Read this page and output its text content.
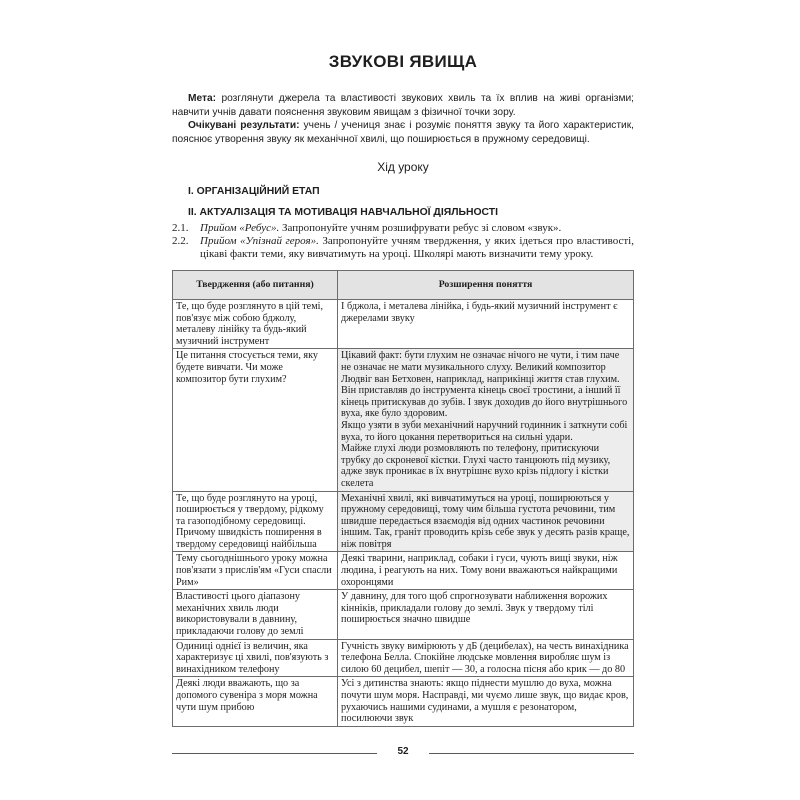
ЗВУКОВІ ЯВИЩА

Мета: розглянути джерела та властивості звукових хвиль та їх вплив на живі організми; навчити учнів давати пояснення звуковим явищам з фізичної точки зору.

Очікувані результати: учень / учениця знає і розуміє поняття звуку та його характеристик, пояснює утворення звуку як механічної хвилі, що поширюється в пружному середовищі.

Хід уроку
I. ОРГАНІЗАЦІЙНИЙ ЕТАП
II. АКТУАЛІЗАЦІЯ ТА МОТИВАЦІЯ НАВЧАЛЬНОЇ ДІЯЛЬНОСТІ
2.1.	Прийом «Ребус». Запропонуйте учням розшифрувати ребус зі словом «звук».
2.2.	Прийом «Упізнай героя». Запропонуйте учням твердження, у яких ідеться про властивості, цікаві факти теми, яку вивчатимуть на уроці. Школярі мають визначити тему уроку.
Твердження (або питання)	Розширення поняття
Те, що буде розглянуто в цій темі, пов'язує між собою бджолу, металеву лінійку та будь-який музичний інструмент	І бджола, і металева лінійка, і будь-який музичний інструмент є джерелами звуку
Це питання стосується теми, яку будете вивчати. Чи може композитор бути глухим?	Цікавий факт: бути глухим не означає нічого не чути, і тим паче не означає не мати музикального слуху. Великий композитор Людвіг ван Бетховен, наприклад, наприкінці життя став глухим. Він приставляв до інструмента кінець своєї тростини, а інший її кінець притискував до зубів. І звук доходив до його внутрішнього вуха, яке було здоровим.
Якщо узяти в зуби механічний наручний годинник і заткнути собі вуха, то його цокання перетвориться на сильні удари.
Майже глухі люди розмовляють по телефону, притискуючи трубку до скроневої кістки. Глухі часто танцюють під музику, адже звук проникає в їх внутрішнє вухо крізь підлогу і кістки скелета
Те, що буде розглянуто на уроці, поширюється у твердому, рідкому та газоподібному середовищі. Причому швидкість поширення в твердому середовищі найбільша	Механічні хвилі, які вивчатимуться на уроці, поширюються у пружному середовищі, тому чим більша густота речовини, тим швидше передається взаємодія від одних частинок речовини іншим. Так, граніт проводить крізь себе звук у десять разів краще, ніж повітря
Тему сьогоднішнього уроку можна пов'язати з прислів'ям «Гуси спасли Рим»	Деякі тварини, наприклад, собаки і гуси, чують вищі звуки, ніж людина, і реагують на них. Тому вони вважаються найкращими охоронцями
Властивості цього діапазону механічних хвиль люди використовували в давнину, прикладаючи голову до землі	У давнину, для того щоб спрогнозувати наближення ворожих кінніків, прикладали голову до землі. Звук у твердому тілі поширюється значно швидше
Одиниці однієї із величин, яка характеризує ці хвилі, пов'язують з винахідником телефону	Гучність звуку вимірюють у дБ (децибелах), на честь винахідника телефона Белла. Спокійне людське мовлення виробляє шум із силою 60 децибел, шепіт — 30, а голосна пісня або крик — до 80
Деякі люди вважають, що за допомого сувеніра з моря можна чути шум прибою	Усі з дитинства знають: якщо піднести мушлю до вуха, можна почути шум моря. Насправді, ми чуємо лише звук, що видає кров, рухаючись нашими судинами, а мушля є резонатором, посилюючи звук
52
